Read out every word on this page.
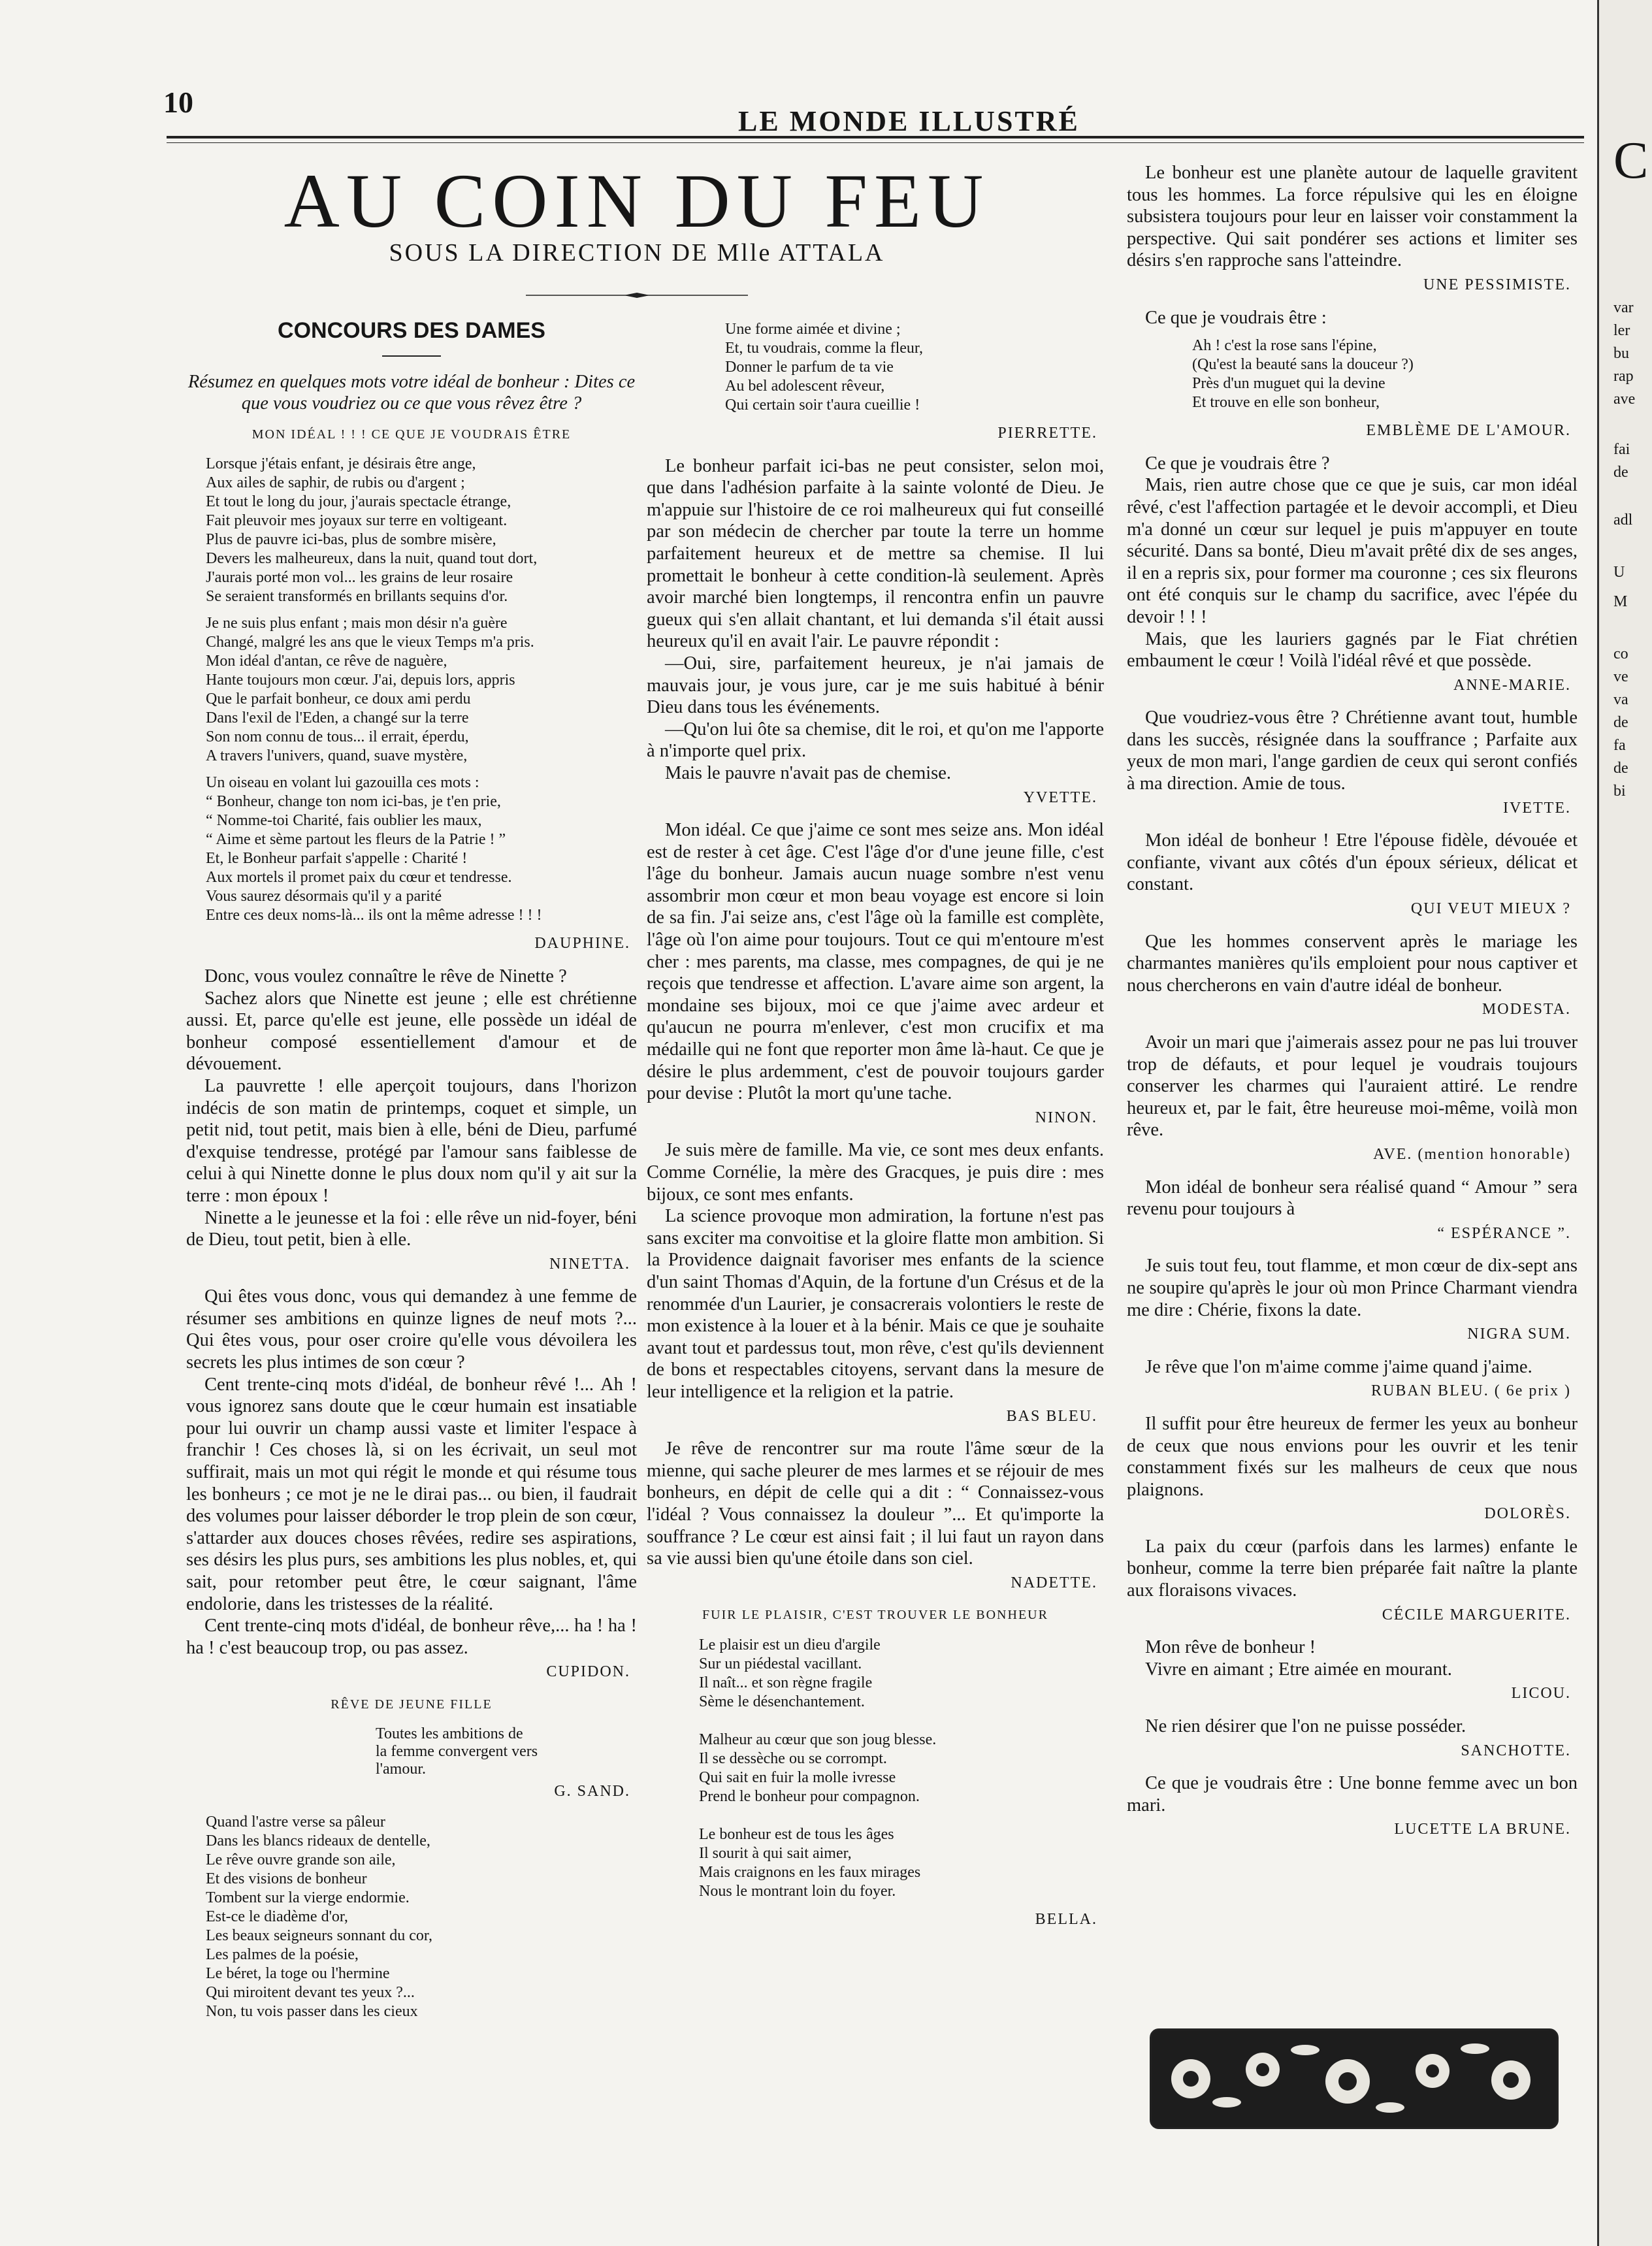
10
LE MONDE ILLUSTRÉ
AU COIN DU FEU
SOUS LA DIRECTION DE Mlle ATTALA
CONCOURS DES DAMES
Résumez en quelques mots votre idéal de bonheur : Dites ce que vous voudriez ou ce que vous rêvez être ?
MON IDÉAL ! ! ! CE QUE JE VOUDRAIS ÊTRE
Lorsque j'étais enfant, je désirais être ange,
Aux ailes de saphir, de rubis ou d'argent ;
Et tout le long du jour, j'aurais spectacle étrange,
Fait pleuvoir mes joyaux sur terre en voltigeant.
Plus de pauvre ici-bas, plus de sombre misère,
Devers les malheureux, dans la nuit, quand tout dort,
J'aurais porté mon vol... les grains de leur rosaire
Se seraient transformés en brillants sequins d'or.
Je ne suis plus enfant ; mais mon désir n'a guère
Changé, malgré les ans que le vieux Temps m'a pris.
Mon idéal d'antan, ce rêve de naguère,
Hante toujours mon cœur. J'ai, depuis lors, appris
Que le parfait bonheur, ce doux ami perdu
Dans l'exil de l'Eden, a changé sur la terre
Son nom connu de tous... il errait, éperdu,
A travers l'univers, quand, suave mystère,
Un oiseau en volant lui gazouilla ces mots :
“ Bonheur, change ton nom ici-bas, je t'en prie,
“ Nomme-toi Charité, fais oublier les maux,
“ Aime et sème partout les fleurs de la Patrie ! ”
Et, le Bonheur parfait s'appelle : Charité !
Aux mortels il promet paix du cœur et tendresse.
Vous saurez désormais qu'il y a parité
Entre ces deux noms-là... ils ont la même adresse ! ! !
DAUPHINE.

Donc, vous voulez connaître le rêve de Ninette ?

Sachez alors que Ninette est jeune ; elle est chrétienne aussi. Et, parce qu'elle est jeune, elle possède un idéal de bonheur composé essentiellement d'amour et de dévouement.

La pauvrette ! elle aperçoit toujours, dans l'horizon indécis de son matin de printemps, coquet et simple, un petit nid, tout petit, mais bien à elle, béni de Dieu, parfumé d'exquise tendresse, protégé par l'amour sans faiblesse de celui à qui Ninette donne le plus doux nom qu'il y ait sur la terre : mon époux !

Ninette a le jeunesse et la foi : elle rêve un nid-foyer, béni de Dieu, tout petit, bien à elle.

NINETTA.

Qui êtes vous donc, vous qui demandez à une femme de résumer ses ambitions en quinze lignes de neuf mots ?... Qui êtes vous, pour oser croire qu'elle vous dévoilera les secrets les plus intimes de son cœur ?

Cent trente-cinq mots d'idéal, de bonheur rêvé !... Ah ! vous ignorez sans doute que le cœur humain est insatiable pour lui ouvrir un champ aussi vaste et limiter l'espace à franchir ! Ces choses là, si on les écrivait, un seul mot suffirait, mais un mot qui régit le monde et qui résume tous les bonheurs ; ce mot je ne le dirai pas... ou bien, il faudrait des volumes pour laisser déborder le trop plein de son cœur, s'attarder aux douces choses rêvées, redire ses aspirations, ses désirs les plus purs, ses ambitions les plus nobles, et, qui sait, pour retomber peut être, le cœur saignant, l'âme endolorie, dans les tristesses de la réalité.

Cent trente-cinq mots d'idéal, de bonheur rêve,... ha ! ha ! ha ! c'est beaucoup trop, ou pas assez.

CUPIDON.
RÊVE DE JEUNE FILLE
Toutes les ambitions de
la femme convergent vers
l'amour.
G. SAND.
Quand l'astre verse sa pâleur
Dans les blancs rideaux de dentelle,
Le rêve ouvre grande son aile,
Et des visions de bonheur
Tombent sur la vierge endormie.
Est-ce le diadème d'or,
Les beaux seigneurs sonnant du cor,
Les palmes de la poésie,
Le béret, la toge ou l'hermine
Qui miroitent devant tes yeux ?...
Non, tu vois passer dans les cieux
Une forme aimée et divine ;
Et, tu voudrais, comme la fleur,
Donner le parfum de ta vie
Au bel adolescent rêveur,
Qui certain soir t'aura cueillie !
PIERRETTE.

Le bonheur parfait ici-bas ne peut consister, selon moi, que dans l'adhésion parfaite à la sainte volonté de Dieu. Je m'appuie sur l'histoire de ce roi malheureux qui fut conseillé par son médecin de chercher par toute la terre un homme parfaitement heureux et de mettre sa chemise. Il lui promettait le bonheur à cette condition-là seulement. Après avoir marché bien longtemps, il rencontra enfin un pauvre gueux qui s'en allait chantant, et lui demanda s'il était aussi heureux qu'il en avait l'air. Le pauvre répondit :

—Oui, sire, parfaitement heureux, je n'ai jamais de mauvais jour, je vous jure, car je me suis habitué à bénir Dieu dans tous les événements.

—Qu'on lui ôte sa chemise, dit le roi, et qu'on me l'apporte à n'importe quel prix.

Mais le pauvre n'avait pas de chemise.

YVETTE.

Mon idéal. Ce que j'aime ce sont mes seize ans. Mon idéal est de rester à cet âge. C'est l'âge d'or d'une jeune fille, c'est l'âge du bonheur. Jamais aucun nuage sombre n'est venu assombrir mon cœur et mon beau voyage est encore si loin de sa fin. J'ai seize ans, c'est l'âge où la famille est complète, l'âge où l'on aime pour toujours. Tout ce qui m'entoure m'est cher : mes parents, ma classe, mes compagnes, de qui je ne reçois que tendresse et affection. L'avare aime son argent, la mondaine ses bijoux, moi ce que j'aime avec ardeur et qu'aucun ne pourra m'enlever, c'est mon crucifix et ma médaille qui ne font que reporter mon âme là-haut. Ce que je désire le plus ardemment, c'est de pouvoir toujours garder pour devise : Plutôt la mort qu'une tache.

NINON.

Je suis mère de famille. Ma vie, ce sont mes deux enfants. Comme Cornélie, la mère des Gracques, je puis dire : mes bijoux, ce sont mes enfants.

La science provoque mon admiration, la fortune n'est pas sans exciter ma convoitise et la gloire flatte mon ambition. Si la Providence daignait favoriser mes enfants de la science d'un saint Thomas d'Aquin, de la fortune d'un Crésus et de la renommée d'un Laurier, je consacrerais volontiers le reste de mon existence à la louer et à la bénir. Mais ce que je souhaite avant tout et pardessus tout, mon rêve, c'est qu'ils deviennent de bons et respectables citoyens, servant dans la mesure de leur intelligence et la religion et la patrie.

BAS BLEU.

Je rêve de rencontrer sur ma route l'âme sœur de la mienne, qui sache pleurer de mes larmes et se réjouir de mes bonheurs, en dépit de celle qui a dit : “ Connaissez-vous l'idéal ? Vous connaissez la douleur ”... Et qu'importe la souffrance ? Le cœur est ainsi fait ; il lui faut un rayon dans sa vie aussi bien qu'une étoile dans son ciel.

NADETTE.
FUIR LE PLAISIR, C'EST TROUVER LE BONHEUR
Le plaisir est un dieu d'argile
Sur un piédestal vacillant.
Il naît... et son règne fragile
Sème le désenchantement.

Malheur au cœur que son joug blesse.
Il se dessèche ou se corrompt.
Qui sait en fuir la molle ivresse
Prend le bonheur pour compagnon.

Le bonheur est de tous les âges
Il sourit à qui sait aimer,
Mais craignons en les faux mirages
Nous le montrant loin du foyer.
BELLA.

Le bonheur est une planète autour de laquelle gravitent tous les hommes. La force répulsive qui les en éloigne subsistera toujours pour leur en laisser voir constamment la perspective. Qui sait pondérer ses actions et limiter ses désirs s'en rapproche sans l'atteindre.

UNE PESSIMISTE.

Ce que je voudrais être :

Ah ! c'est la rose sans l'épine,
(Qu'est la beauté sans la douceur ?)
Près d'un muguet qui la devine
Et trouve en elle son bonheur,
EMBLÈME DE L'AMOUR.

Ce que je voudrais être ?

Mais, rien autre chose que ce que je suis, car mon idéal rêvé, c'est l'affection partagée et le devoir accompli, et Dieu m'a donné un cœur sur lequel je puis m'appuyer en toute sécurité. Dans sa bonté, Dieu m'avait prêté dix de ses anges, il en a repris six, pour former ma couronne ; ces six fleurons ont été conquis sur le champ du sacrifice, avec l'épée du devoir ! ! !

Mais, que les lauriers gagnés par le Fiat chrétien embaument le cœur ! Voilà l'idéal rêvé et que possède.

ANNE-MARIE.

Que voudriez-vous être ? Chrétienne avant tout, humble dans les succès, résignée dans la souffrance ; Parfaite aux yeux de mon mari, l'ange gardien de ceux qui seront confiés à ma direction. Amie de tous.

IVETTE.

Mon idéal de bonheur ! Etre l'épouse fidèle, dévouée et confiante, vivant aux côtés d'un époux sérieux, délicat et constant.

QUI VEUT MIEUX ?

Que les hommes conservent après le mariage les charmantes manières qu'ils emploient pour nous captiver et nous chercherons en vain d'autre idéal de bonheur.

MODESTA.

Avoir un mari que j'aimerais assez pour ne pas lui trouver trop de défauts, et pour lequel je voudrais toujours conserver les charmes qui l'auraient attiré. Le rendre heureux et, par le fait, être heureuse moi-même, voilà mon rêve.

AVE. (mention honorable)

Mon idéal de bonheur sera réalisé quand “ Amour ” sera revenu pour toujours à

“ ESPÉRANCE ”.

Je suis tout feu, tout flamme, et mon cœur de dix-sept ans ne soupire qu'après le jour où mon Prince Charmant viendra me dire : Chérie, fixons la date.

NIGRA SUM.

Je rêve que l'on m'aime comme j'aime quand j'aime.

RUBAN BLEU. ( 6e prix )

Il suffit pour être heureux de fermer les yeux au bonheur de ceux que nous envions pour les ouvrir et les tenir constamment fixés sur les malheurs de ceux que nous plaignons.

DOLORÈS.

La paix du cœur (parfois dans les larmes) enfante le bonheur, comme la terre bien préparée fait naître la plante aux floraisons vivaces.

CÉCILE MARGUERITE.

Mon rêve de bonheur !

Vivre en aimant ; Etre aimée en mourant.

LICOU.

Ne rien désirer que l'on ne puisse posséder.

SANCHOTTE.

Ce que je voudrais être : Une bonne femme avec un bon mari.

LUCETTE LA BRUNE.
C
var
ler
bu
rap
ave
fai
de
adl
U
M
co
ve
va
de
fa
de
bi
